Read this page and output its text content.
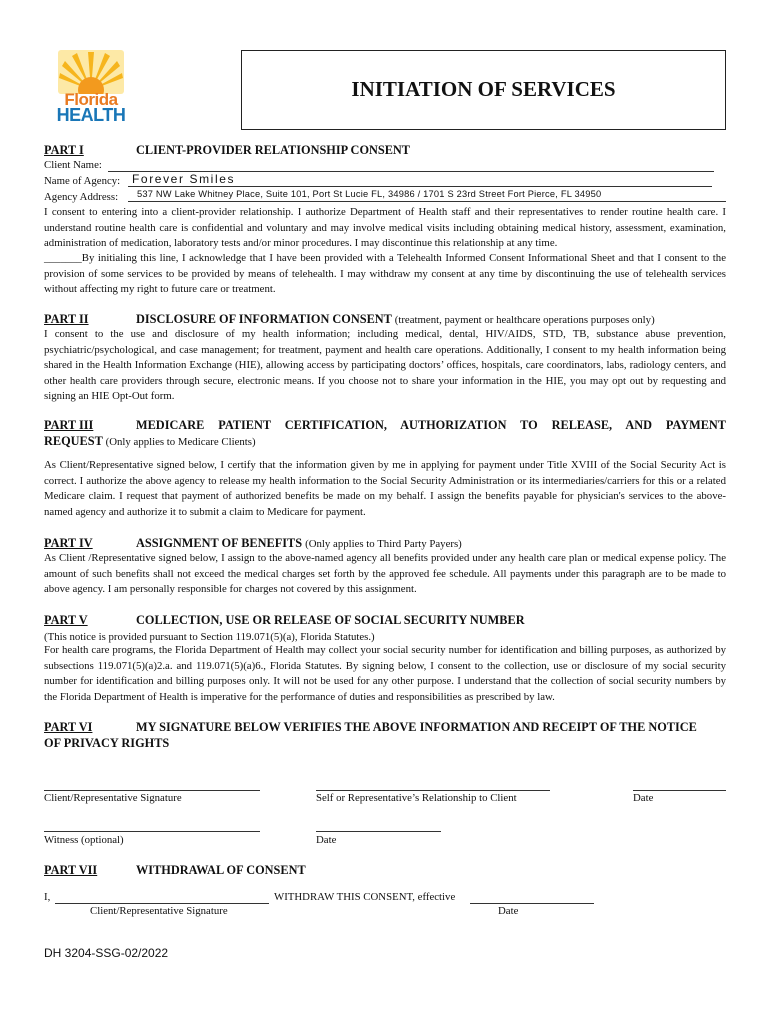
Florida
HEALTH
INITIATION OF SERVICES
PART I	CLIENT-PROVIDER RELATIONSHIP CONSENT
Client Name:
Name of Agency: Forever Smiles
Agency Address: 537 NW Lake Whitney Place, Suite 101, Port St Lucie FL, 34986 / 1701 S 23rd Street Fort Pierce, FL 34950
I consent to entering into a client-provider relationship. I authorize Department of Health staff and their representatives to render routine health care. I understand routine health care is confidential and voluntary and may involve medical visits including obtaining medical history, assessment, examination, administration of medication, laboratory tests and/or minor procedures. I may discontinue this relationship at any time.
_______By initialing this line, I acknowledge that I have been provided with a Telehealth Informed Consent Informational Sheet and that I consent to the provision of some services to be provided by means of telehealth. I may withdraw my consent at any time by discontinuing the use of telehealth services without affecting my right to future care or treatment.
PART II	DISCLOSURE OF INFORMATION CONSENT (treatment, payment or healthcare operations purposes only)
I consent to the use and disclosure of my health information; including medical, dental, HIV/AIDS, STD, TB, substance abuse prevention, psychiatric/psychological, and case management; for treatment, payment and health care operations. Additionally, I consent to my health information being shared in the Health Information Exchange (HIE), allowing access by participating doctors’ offices, hospitals, care coordinators, labs, radiology centers, and other health care providers through secure, electronic means. If you choose not to share your information in the HIE, you may opt out by requesting and signing an HIE Opt-Out form.
PART III	MEDICARE PATIENT CERTIFICATION, AUTHORIZATION TO RELEASE, AND PAYMENT
REQUEST (Only applies to Medicare Clients)
As Client/Representative signed below, I certify that the information given by me in applying for payment under Title XVIII of the Social Security Act is correct. I authorize the above agency to release my health information to the Social Security Administration or its intermediaries/carriers for this or a related Medicare claim. I request that payment of authorized benefits be made on my behalf. I assign the benefits payable for physician's services to the above-named agency and authorize it to submit a claim to Medicare for payment.
PART IV	ASSIGNMENT OF BENEFITS (Only applies to Third Party Payers)
As Client /Representative signed below, I assign to the above-named agency all benefits provided under any health care plan or medical expense policy. The amount of such benefits shall not exceed the medical charges set forth by the approved fee schedule. All payments under this paragraph are to be made to above agency. I am personally responsible for charges not covered by this assignment.
PART V	COLLECTION, USE OR RELEASE OF SOCIAL SECURITY NUMBER
(This notice is provided pursuant to Section 119.071(5)(a), Florida Statutes.)
For health care programs, the Florida Department of Health may collect your social security number for identification and billing purposes, as authorized by subsections 119.071(5)(a)2.a. and 119.071(5)(a)6., Florida Statutes. By signing below, I consent to the collection, use or disclosure of my social security number for identification and billing purposes only. It will not be used for any other purpose. I understand that the collection of social security numbers by the Florida Department of Health is imperative for the performance of duties and responsibilities as prescribed by law.
PART VI	MY SIGNATURE BELOW VERIFIES THE ABOVE INFORMATION AND RECEIPT OF THE NOTICE
OF PRIVACY RIGHTS
Client/Representative Signature	Self or Representative’s Relationship to Client	Date
Witness (optional)	Date
PART VII	WITHDRAWAL OF CONSENT
I,	WITHDRAW THIS CONSENT, effective
Client/Representative Signature	Date
DH 3204-SSG-02/2022
